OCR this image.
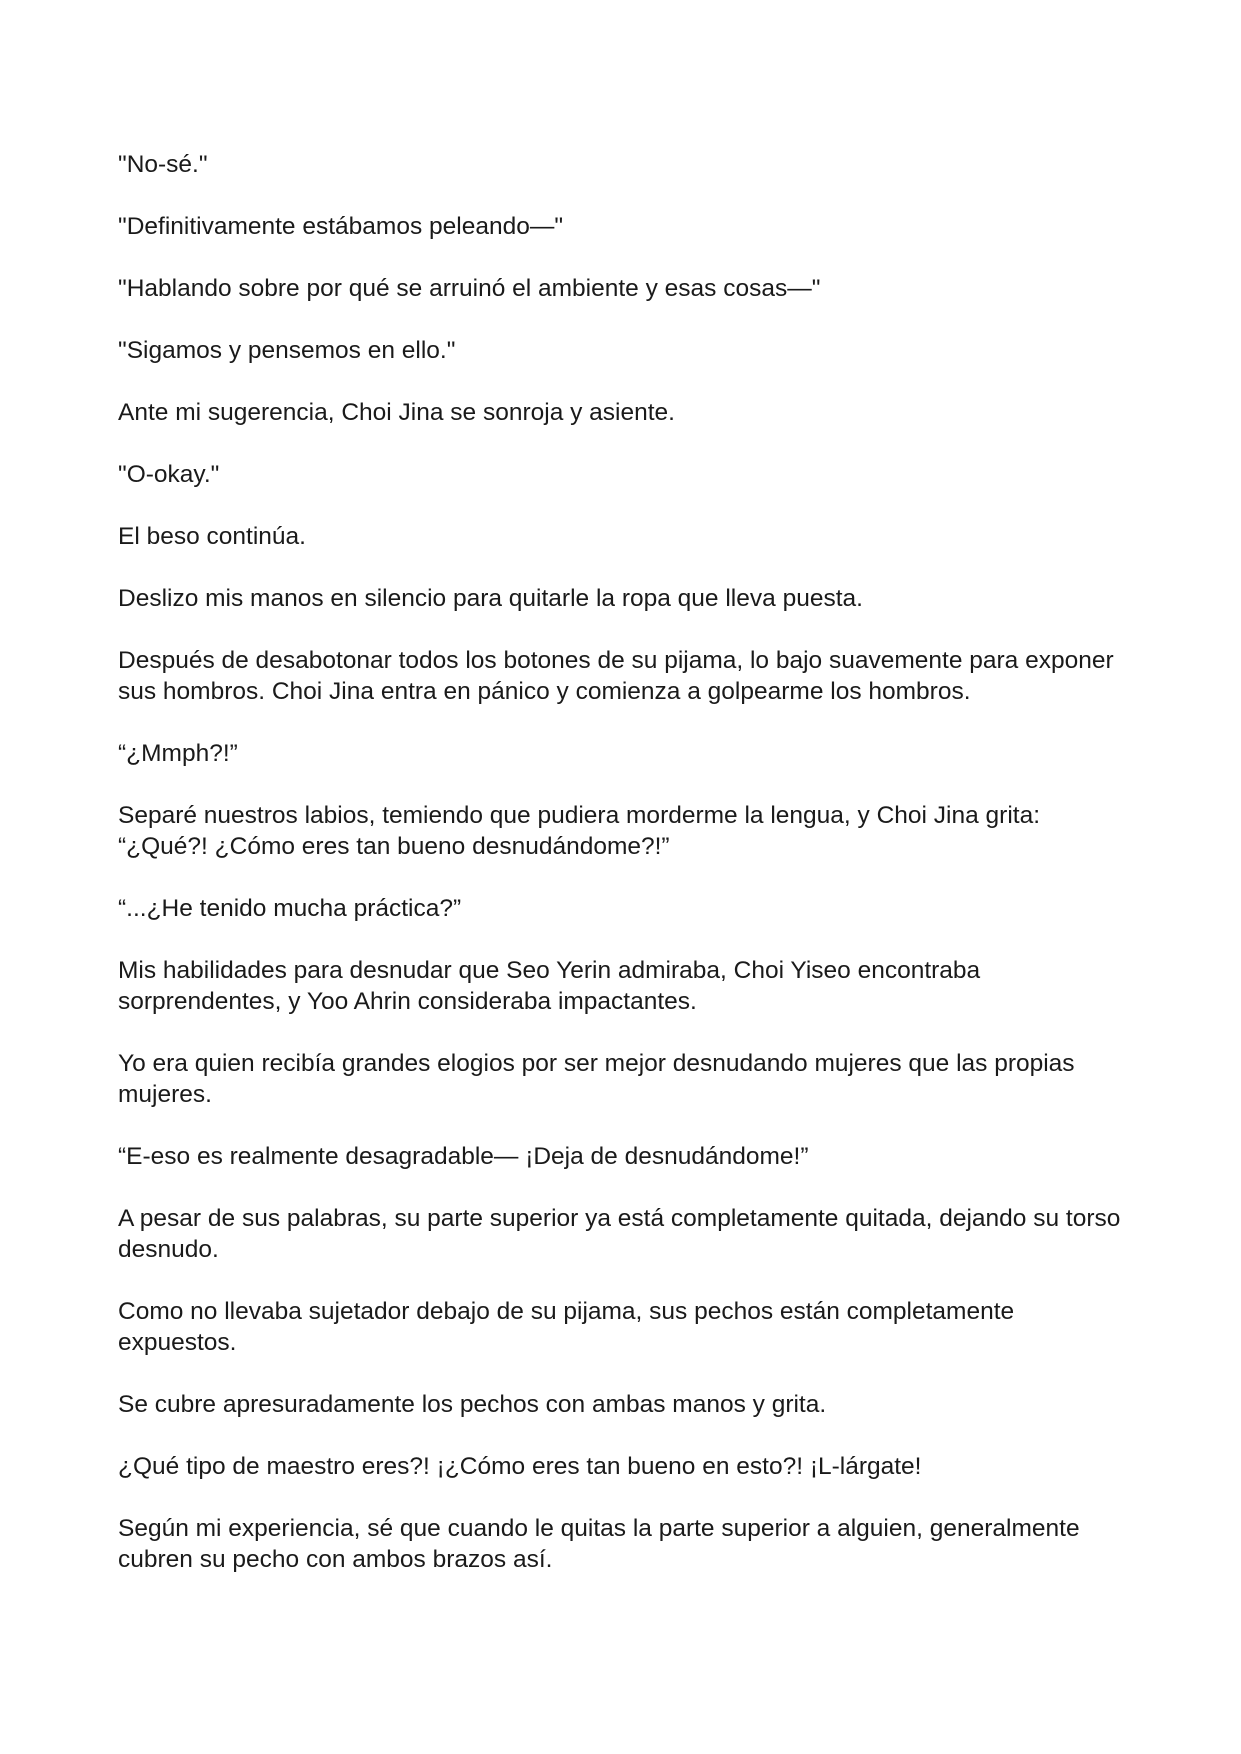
"No-sé."

"Definitivamente estábamos peleando—"

"Hablando sobre por qué se arruinó el ambiente y esas cosas—"

"Sigamos y pensemos en ello."

Ante mi sugerencia, Choi Jina se sonroja y asiente.

"O-okay."

El beso continúa.

Deslizo mis manos en silencio para quitarle la ropa que lleva puesta.

Después de desabotonar todos los botones de su pijama, lo bajo suavemente para exponer sus hombros. Choi Jina entra en pánico y comienza a golpearme los hombros.

“¿Mmph?!”

Separé nuestros labios, temiendo que pudiera morderme la lengua, y Choi Jina grita: “¿Qué?! ¿Cómo eres tan bueno desnudándome?!”

“...¿He tenido mucha práctica?”

Mis habilidades para desnudar que Seo Yerin admiraba, Choi Yiseo encontraba sorprendentes, y Yoo Ahrin consideraba impactantes.

Yo era quien recibía grandes elogios por ser mejor desnudando mujeres que las propias mujeres.

“E-eso es realmente desagradable— ¡Deja de desnudándome!”

A pesar de sus palabras, su parte superior ya está completamente quitada, dejando su torso desnudo.

Como no llevaba sujetador debajo de su pijama, sus pechos están completamente expuestos.

Se cubre apresuradamente los pechos con ambas manos y grita.

¿Qué tipo de maestro eres?! ¡¿Cómo eres tan bueno en esto?! ¡L-lárgate!

Según mi experiencia, sé que cuando le quitas la parte superior a alguien, generalmente cubren su pecho con ambos brazos así.
